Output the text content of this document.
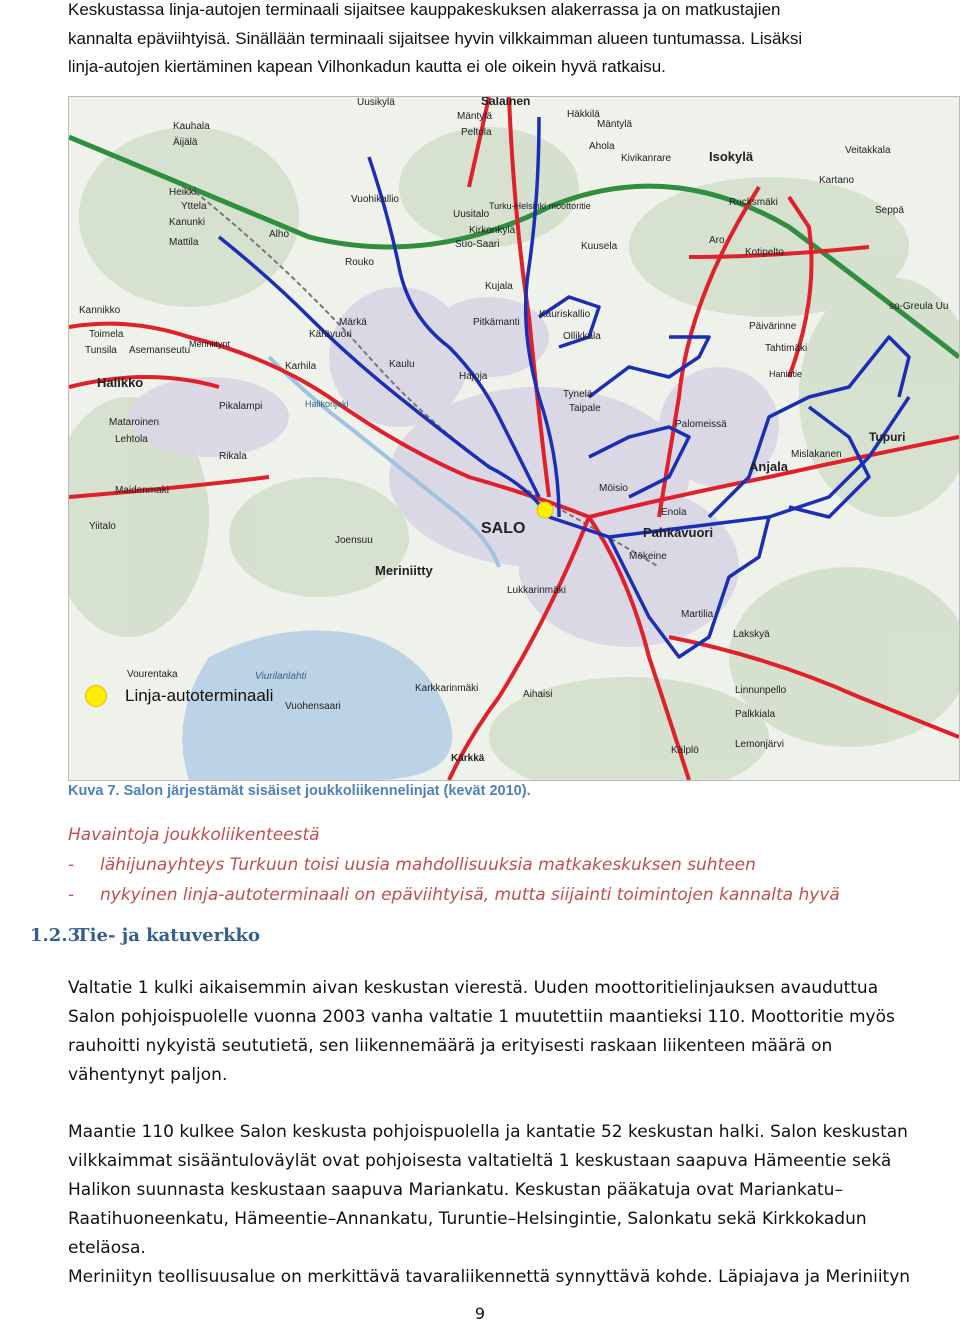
Keskustassa linja-autojen terminaali sijaitsee kauppakeskuksen alakerrassa ja on matkustajien

kannalta epäviihtyisä. Sinällään terminaali sijaitsee hyvin vilkkaimman alueen tuntumassa. Lisäksi

linja-autojen kiertäminen kapean Vilhonkadun kautta ei ole oikein hyvä ratkaisu.

Uusikylä	Salainen
Kauhala
Äijälä
Mäntylä
Peltola
Häkkilä
Mäntylä
Ahola
Kivikanrare	Isokylä	Veitakkala
Heikki
Yttela
Kanunki
Mattila
Vuohikallio
Uusitalo
Turku-Helsinki moottoritie
Kirkonkylä
Rucksmäki
Seppä
Kartano
Suo-Saari	Kuusela
Aro
Kotipelto
Alho
Rouko
Kujala
Kauriskallio
Kannikko
Toimela
Tunsila Asemanseutu
Halikko
Märkä
Kärävuori
Pitkämanti	Päivärinne
Tahtimäki
so-Greula Uu
Ollikkala
Karhila	Kaulu
Hajoja
Tynelä
Taipale
Mataroinen
Lehtola
Pikalampi
Rikala
Maidenmaki
Palomeissä
Tupuri
Anjala
Mislakanen
Möisio
Enola
Pahkavuori
SALO
Yiitalo
Joensuu
Meriniitty
Mökeine
Lukkarinmäki
Martilia
Lakskyä
Vourentaka	Viurilanlahti
Vuohensaari
Karkkarinmäki
Aihaisi	Linnunpello
Palkkiala
Lemonjärvi
Kärkkä
Kälplö
Halikonjoki
Meriniitynt
Hanintie
Linja-autoterminaali
Kuva 7. Salon järjestämät sisäiset joukkoliikennelinjat (kevät 2010).
Havaintoja joukkoliikenteestä
-	lähijunayhteys Turkuun toisi uusia mahdollisuuksia matkakeskuksen suhteen
-	nykyinen linja-autoterminaali on epäviihtyisä, mutta siijainti toimintojen kannalta hyvä
1.2.3 Tie- ja katuverkko

Valtatie 1 kulki aikaisemmin aivan keskustan vierestä. Uuden moottoritielinjauksen avauduttua

Salon pohjoispuolelle vuonna 2003 vanha valtatie 1 muutettiin maantieksi 110. Moottoritie myös

rauhoitti nykyistä seututietä, sen liikennemäärä ja erityisesti raskaan liikenteen määrä on

vähentynyt paljon.

Maantie 110 kulkee Salon keskusta pohjoispuolella ja kantatie 52 keskustan halki. Salon keskustan

vilkkaimmat sisääntuloväylät ovat pohjoisesta valtatieltä 1 keskustaan saapuva Hämeentie sekä

Halikon suunnasta keskustaan saapuva Mariankatu. Keskustan pääkatuja ovat Mariankatu–

Raatihuoneenkatu, Hämeentie–Annankatu, Turuntie–Helsingintie, Salonkatu sekä Kirkkokadun

eteläosa.

Meriniityn teollisuusalue on merkittävä tavaraliikennettä synnyttävä kohde. Läpiajava ja Meriniityn

9
